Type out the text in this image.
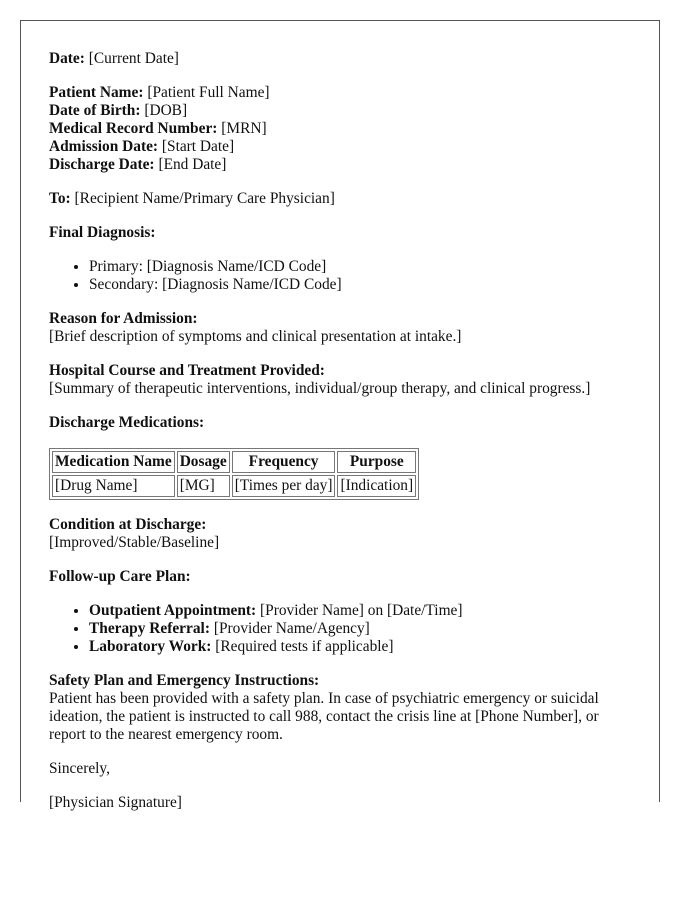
Date: [Current Date]

Patient Name: [Patient Full Name]

Date of Birth: [DOB]

Medical Record Number: [MRN]

Admission Date: [Start Date]

Discharge Date: [End Date]

To: [Recipient Name/Primary Care Physician]

Final Diagnosis:

• Primary: [Diagnosis Name/ICD Code]
• Secondary: [Diagnosis Name/ICD Code]

Reason for Admission:

[Brief description of symptoms and clinical presentation at intake.]

Hospital Course and Treatment Provided:

[Summary of therapeutic interventions, individual/group therapy, and clinical progress.]

Discharge Medications:

Medication Name	Dosage	Frequency	Purpose
[Drug Name]	[MG]	[Times per day]	[Indication]

Condition at Discharge:

[Improved/Stable/Baseline]

Follow-up Care Plan:

• Outpatient Appointment: [Provider Name] on [Date/Time]
• Therapy Referral: [Provider Name/Agency]
• Laboratory Work: [Required tests if applicable]

Safety Plan and Emergency Instructions:

Patient has been provided with a safety plan. In case of psychiatric emergency or suicidal ideation, the patient is instructed to call 988, contact the crisis line at [Phone Number], or report to the nearest emergency room.

Sincerely,

[Physician Signature]
